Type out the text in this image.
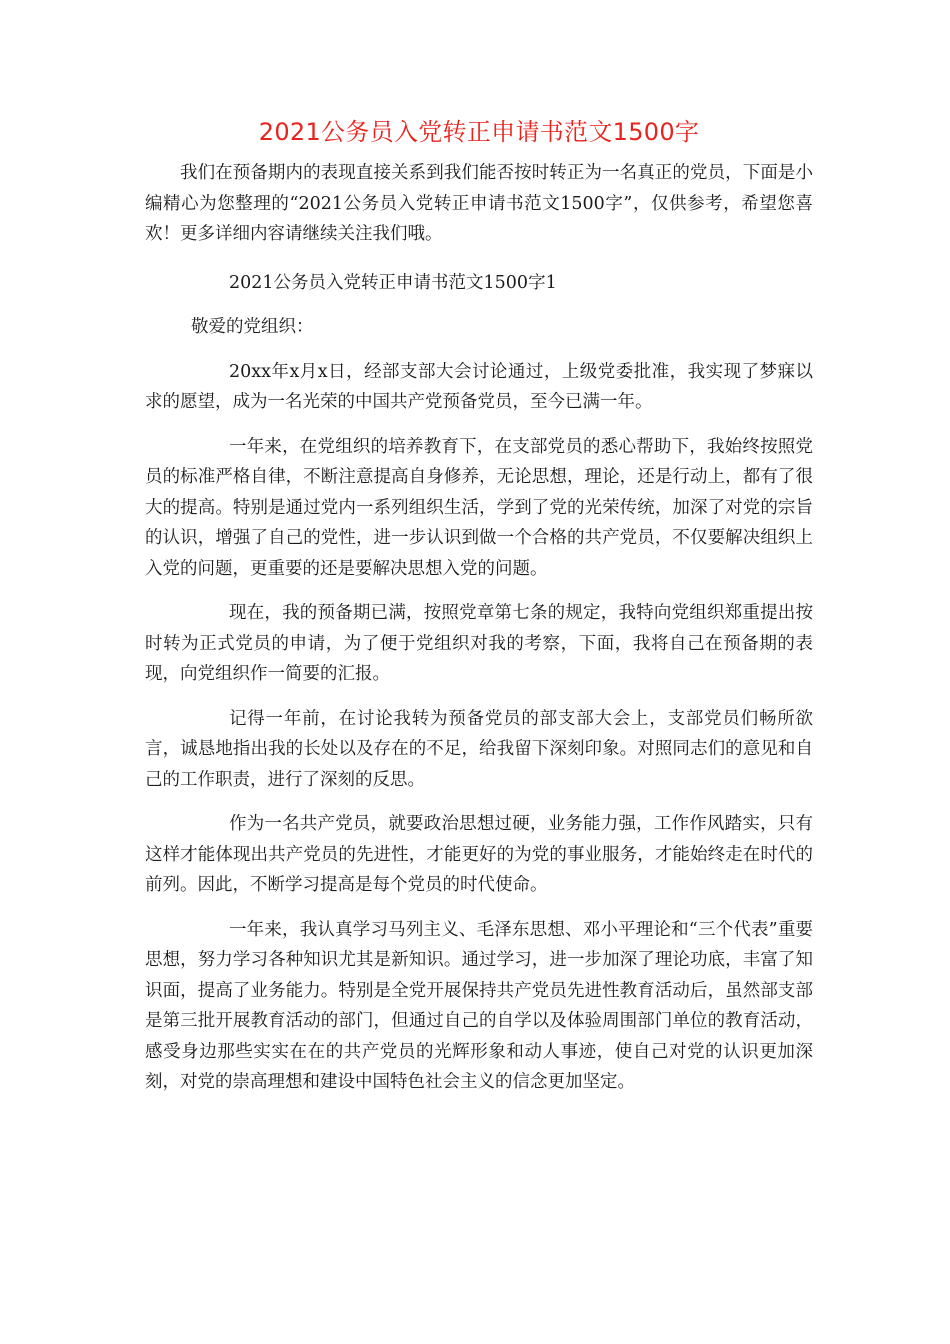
2021公务员入党转正申请书范文1500字

我们在预备期内的表现直接关系到我们能否按时转正为一名真正的党员，下面是小编精心为您整理的“2021公务员入党转正申请书范文1500字”，仅供参考，希望您喜欢！更多详细内容请继续关注我们哦。

2021公务员入党转正申请书范文1500字1

敬爱的党组织：

20xx年x月x日，经部支部大会讨论通过，上级党委批准，我实现了梦寐以求的愿望，成为一名光荣的中国共产党预备党员，至今已满一年。

一年来，在党组织的培养教育下，在支部党员的悉心帮助下，我始终按照党员的标准严格自律，不断注意提高自身修养，无论思想，理论，还是行动上，都有了很大的提高。特别是通过党内一系列组织生活，学到了党的光荣传统，加深了对党的宗旨的认识，增强了自己的党性，进一步认识到做一个合格的共产党员，不仅要解决组织上入党的问题，更重要的还是要解决思想入党的问题。

现在，我的预备期已满，按照党章第七条的规定，我特向党组织郑重提出按时转为正式党员的申请，为了便于党组织对我的考察，下面，我将自己在预备期的表现，向党组织作一简要的汇报。

记得一年前，在讨论我转为预备党员的部支部大会上，支部党员们畅所欲言，诚恳地指出我的长处以及存在的不足，给我留下深刻印象。对照同志们的意见和自己的工作职责，进行了深刻的反思。

作为一名共产党员，就要政治思想过硬，业务能力强，工作作风踏实，只有这样才能体现出共产党员的先进性，才能更好的为党的事业服务，才能始终走在时代的前列。因此，不断学习提高是每个党员的时代使命。

一年来，我认真学习马列主义、毛泽东思想、邓小平理论和“三个代表”重要思想，努力学习各种知识尤其是新知识。通过学习，进一步加深了理论功底，丰富了知识面，提高了业务能力。特别是全党开展保持共产党员先进性教育活动后，虽然部支部是第三批开展教育活动的部门，但通过自己的自学以及体验周围部门单位的教育活动，感受身边那些实实在在的共产党员的光辉形象和动人事迹，使自己对党的认识更加深刻，对党的崇高理想和建设中国特色社会主义的信念更加坚定。
